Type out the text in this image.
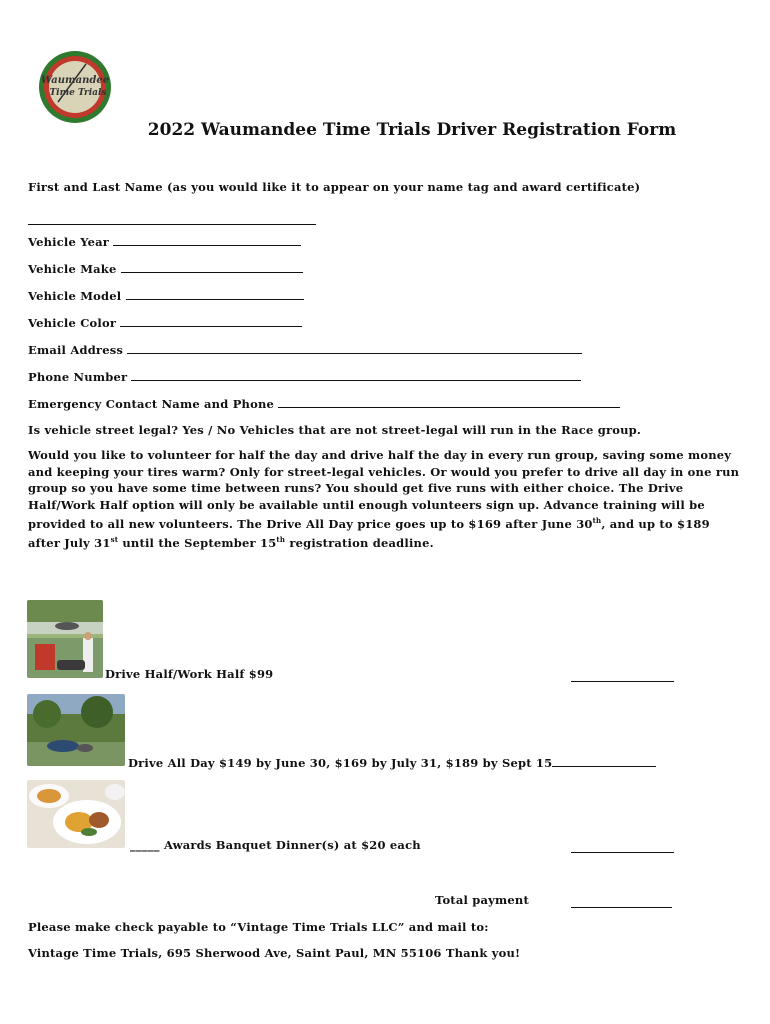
Waumandee
Time Trials
2022 Waumandee Time Trials Driver Registration Form
First and Last Name (as you would like it to appear on your name tag and award certificate)
Vehicle Year
Vehicle Make
Vehicle Model
Vehicle Color
Email Address
Phone Number
Emergency Contact Name and Phone
Is vehicle street legal? Yes / No Vehicles that are not street-legal will run in the Race group.
Would you like to volunteer for half the day and drive half the day in every run group, saving some money and keeping your tires warm? Only for street-legal vehicles. Or would you prefer to drive all day in one run group so you have some time between runs? You should get five runs with either choice. The Drive Half/Work Half option will only be available until enough volunteers sign up. Advance training will be provided to all new volunteers. The Drive All Day price goes up to $169 after June 30th, and up to $189 after July 31st until the September 15th registration deadline.
Drive Half/Work Half $99
Drive All Day $149 by June 30, $169 by July 31, $189 by Sept 15
_____ Awards Banquet Dinner(s) at $20 each
Total payment
Please make check payable to “Vintage Time Trials LLC” and mail to:
Vintage Time Trials, 695 Sherwood Ave, Saint Paul, MN 55106 Thank you!
